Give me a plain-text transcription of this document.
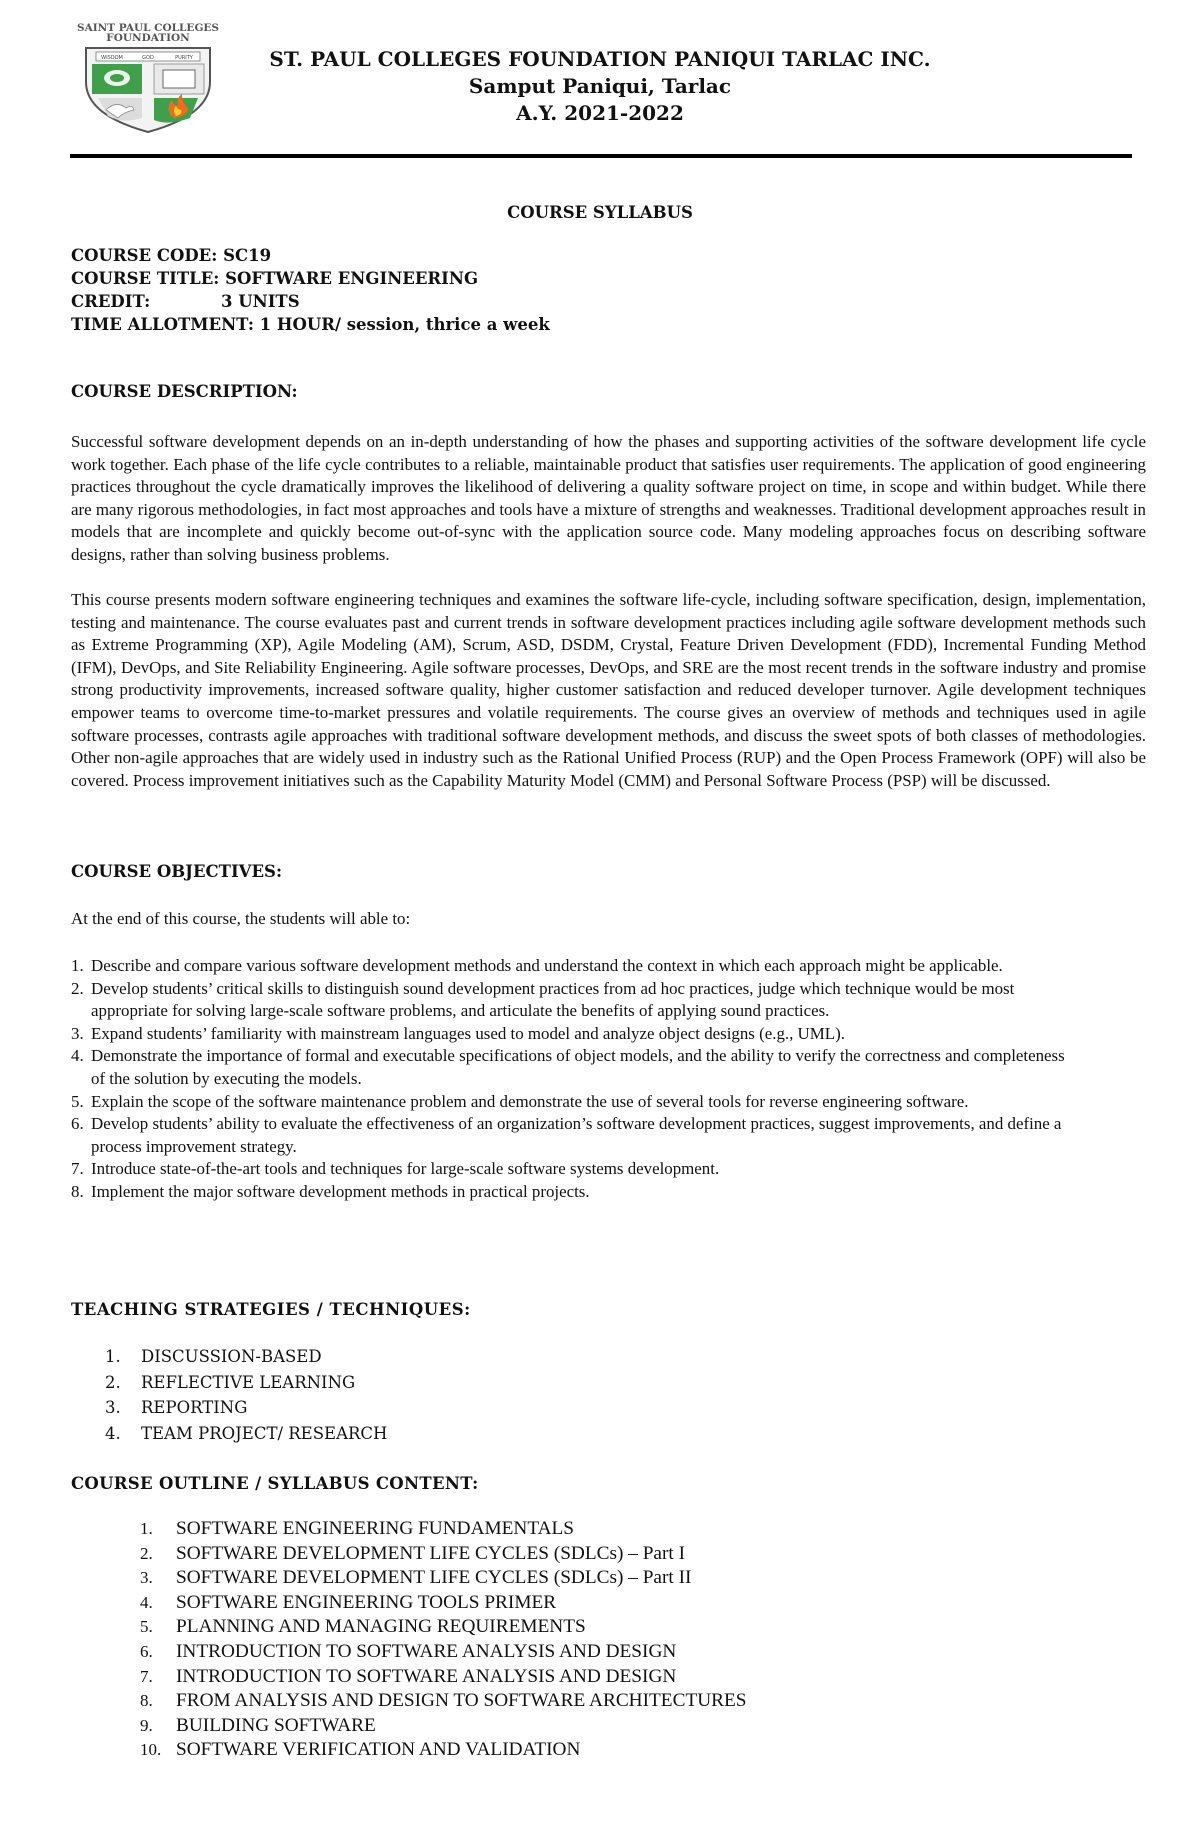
SAINT PAUL COLLEGES
FOUNDATION
WISDOM	GOD	PURITY	ST. PAUL COLLEGES FOUNDATION PANIQUI TARLAC INC.
Samput Paniqui, Tarlac
A.Y. 2021-2022
COURSE SYLLABUS
COURSE CODE: SC19
COURSE TITLE: SOFTWARE ENGINEERING
CREDIT:	3 UNITS
TIME ALLOTMENT: 1 HOUR/ session, thrice a week
COURSE DESCRIPTION:
Successful software development depends on an in-depth understanding of how the phases and supporting activities of the software development life cycle work together. Each phase of the life cycle contributes to a reliable, maintainable product that satisfies user requirements. The application of good engineering practices throughout the cycle dramatically improves the likelihood of delivering a quality software project on time, in scope and within budget. While there are many rigorous methodologies, in fact most approaches and tools have a mixture of strengths and weaknesses. Traditional development approaches result in models that are incomplete and quickly become out-of-sync with the application source code. Many modeling approaches focus on describing software designs, rather than solving business problems.
This course presents modern software engineering techniques and examines the software life-cycle, including software specification, design, implementation, testing and maintenance. The course evaluates past and current trends in software development practices including agile software development methods such as Extreme Programming (XP), Agile Modeling (AM), Scrum, ASD, DSDM, Crystal, Feature Driven Development (FDD), Incremental Funding Method (IFM), DevOps, and Site Reliability Engineering. Agile software processes, DevOps, and SRE are the most recent trends in the software industry and promise strong productivity improvements, increased software quality, higher customer satisfaction and reduced developer turnover. Agile development techniques empower teams to overcome time-to-market pressures and volatile requirements. The course gives an overview of methods and techniques used in agile software processes, contrasts agile approaches with traditional software development methods, and discuss the sweet spots of both classes of methodologies. Other non-agile approaches that are widely used in industry such as the Rational Unified Process (RUP) and the Open Process Framework (OPF) will also be covered. Process improvement initiatives such as the Capability Maturity Model (CMM) and Personal Software Process (PSP) will be discussed.
COURSE OBJECTIVES:
At the end of this course, the students will able to:
1. Describe and compare various software development methods and understand the context in which each approach might be applicable.
2. Develop students’ critical skills to distinguish sound development practices from ad hoc practices, judge which technique would be most appropriate for solving large-scale software problems, and articulate the benefits of applying sound practices.
3. Expand students’ familiarity with mainstream languages used to model and analyze object designs (e.g., UML).
4. Demonstrate the importance of formal and executable specifications of object models, and the ability to verify the correctness and completeness of the solution by executing the models.
5. Explain the scope of the software maintenance problem and demonstrate the use of several tools for reverse engineering software.
6. Develop students’ ability to evaluate the effectiveness of an organization’s software development practices, suggest improvements, and define a process improvement strategy.
7. Introduce state-of-the-art tools and techniques for large-scale software systems development.
8. Implement the major software development methods in practical projects.
TEACHING STRATEGIES / TECHNIQUES:
1. DISCUSSION-BASED
2. REFLECTIVE LEARNING
3. REPORTING
4. TEAM PROJECT/ RESEARCH
COURSE OUTLINE / SYLLABUS CONTENT:
1. SOFTWARE ENGINEERING FUNDAMENTALS
2. SOFTWARE DEVELOPMENT LIFE CYCLES (SDLCs) – Part I
3. SOFTWARE DEVELOPMENT LIFE CYCLES (SDLCs) – Part II
4. SOFTWARE ENGINEERING TOOLS PRIMER
5. PLANNING AND MANAGING REQUIREMENTS
6. INTRODUCTION TO SOFTWARE ANALYSIS AND DESIGN
7. INTRODUCTION TO SOFTWARE ANALYSIS AND DESIGN
8. FROM ANALYSIS AND DESIGN TO SOFTWARE ARCHITECTURES
9. BUILDING SOFTWARE
10. SOFTWARE VERIFICATION AND VALIDATION
